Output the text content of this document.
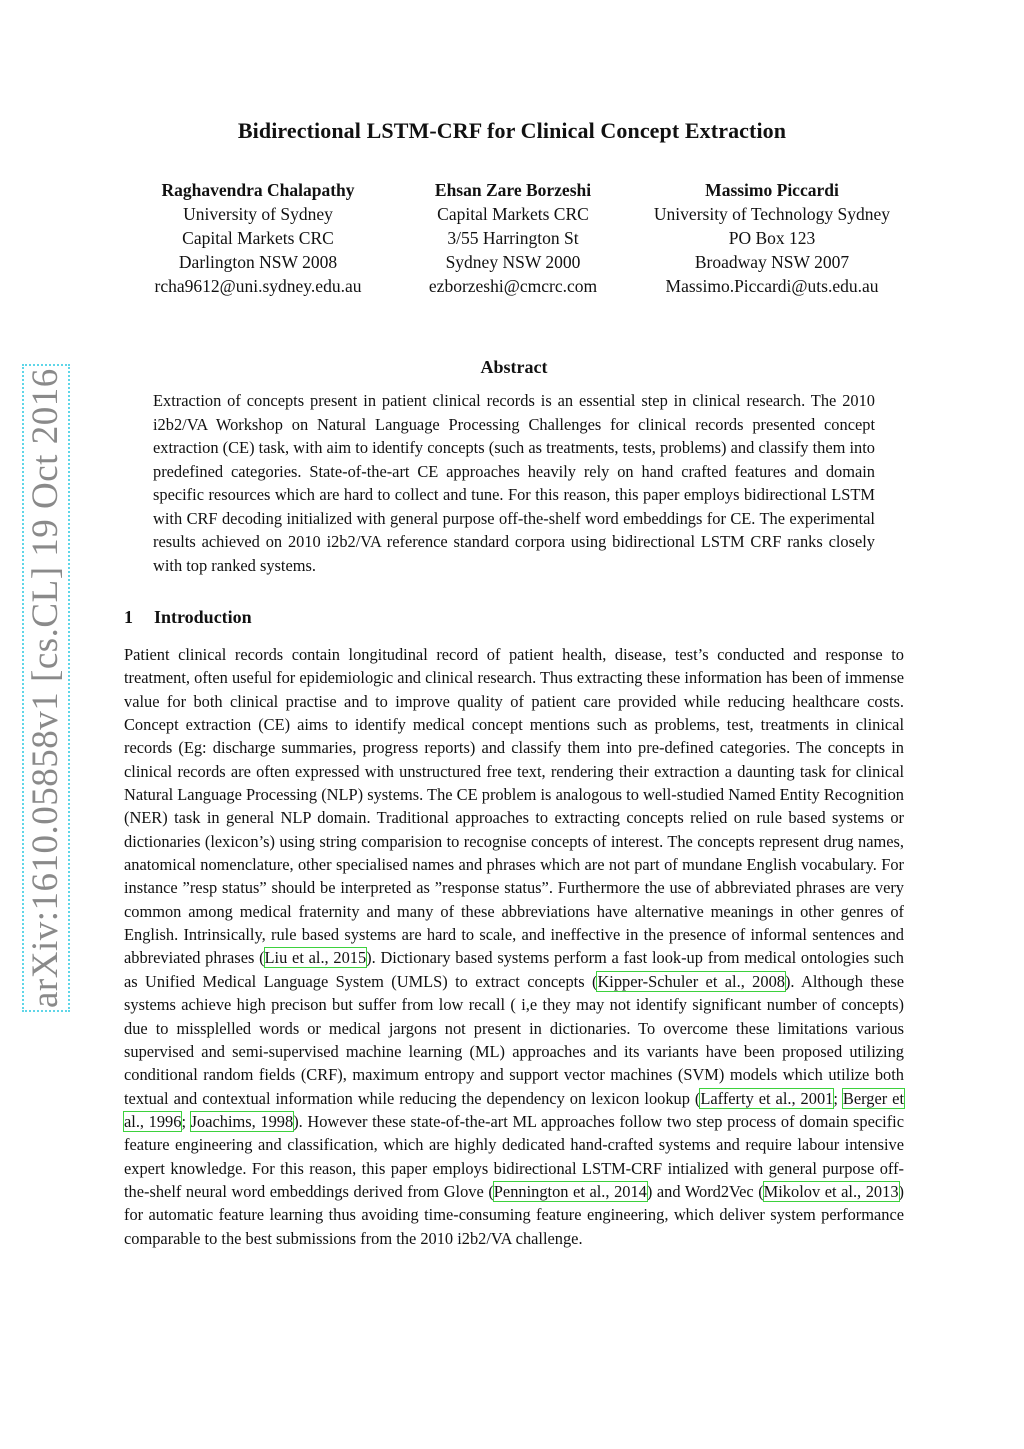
arXiv:1610.05858v1 [cs.CL] 19 Oct 2016
Bidirectional LSTM-CRF for Clinical Concept Extraction
Raghavendra Chalapathy
University of Sydney
Capital Markets CRC
Darlington NSW 2008
rcha9612@uni.sydney.edu.au
Ehsan Zare Borzeshi
Capital Markets CRC
3/55 Harrington St
Sydney NSW 2000
ezborzeshi@cmcrc.com
Massimo Piccardi
University of Technology Sydney
PO Box 123
Broadway NSW 2007
Massimo.Piccardi@uts.edu.au
Abstract
Extraction of concepts present in patient clinical records is an essential step in clinical research. The 2010 i2b2/VA Workshop on Natural Language Processing Challenges for clinical records presented concept extraction (CE) task, with aim to identify concepts (such as treatments, tests, problems) and classify them into predefined categories. State-of-the-art CE approaches heavily rely on hand crafted features and domain specific resources which are hard to collect and tune. For this reason, this paper employs bidirectional LSTM with CRF decoding initialized with general purpose off-the-shelf word embeddings for CE. The experimental results achieved on 2010 i2b2/VA reference standard corpora using bidirectional LSTM CRF ranks closely with top ranked systems.
1 Introduction
Patient clinical records contain longitudinal record of patient health, disease, test’s conducted and response to treatment, often useful for epidemiologic and clinical research. Thus extracting these information has been of immense value for both clinical practise and to improve quality of patient care provided while reducing healthcare costs. Concept extraction (CE) aims to identify medical concept mentions such as problems, test, treatments in clinical records (Eg: discharge summaries, progress reports) and classify them into pre-defined categories. The concepts in clinical records are often expressed with unstructured free text, rendering their extraction a daunting task for clinical Natural Language Processing (NLP) systems. The CE problem is analogous to well-studied Named Entity Recognition (NER) task in general NLP domain. Traditional approaches to extracting concepts relied on rule based systems or dictionaries (lexicon’s) using string comparision to recognise concepts of interest. The concepts represent drug names, anatomical nomenclature, other specialised names and phrases which are not part of mundane English vocabulary. For instance ”resp status” should be interpreted as ”response status”. Furthermore the use of abbreviated phrases are very common among medical fraternity and many of these abbreviations have alternative meanings in other genres of English. Intrinsically, rule based systems are hard to scale, and ineffective in the presence of informal sentences and abbreviated phrases (Liu et al., 2015). Dictionary based systems perform a fast look-up from medical ontologies such as Unified Medical Language System (UMLS) to extract concepts (Kipper-Schuler et al., 2008). Although these systems achieve high precison but suffer from low recall ( i,e they may not identify significant number of concepts) due to missplelled words or medical jargons not present in dictionaries. To overcome these limitations various supervised and semi-supervised machine learning (ML) approaches and its variants have been proposed utilizing conditional random fields (CRF), maximum entropy and support vector machines (SVM) models which utilize both textual and contextual information while reducing the dependency on lexicon lookup (Lafferty et al., 2001; Berger et al., 1996; Joachims, 1998). However these state-of-the-art ML approaches follow two step process of domain specific feature engineering and classification, which are highly dedicated hand-crafted systems and require labour intensive expert knowledge. For this reason, this paper employs bidirectional LSTM-CRF intialized with general purpose off-the-shelf neural word embeddings derived from Glove (Pennington et al., 2014) and Word2Vec (Mikolov et al., 2013) for automatic feature learning thus avoiding time-consuming feature engineering, which deliver system performance comparable to the best submissions from the 2010 i2b2/VA challenge.
